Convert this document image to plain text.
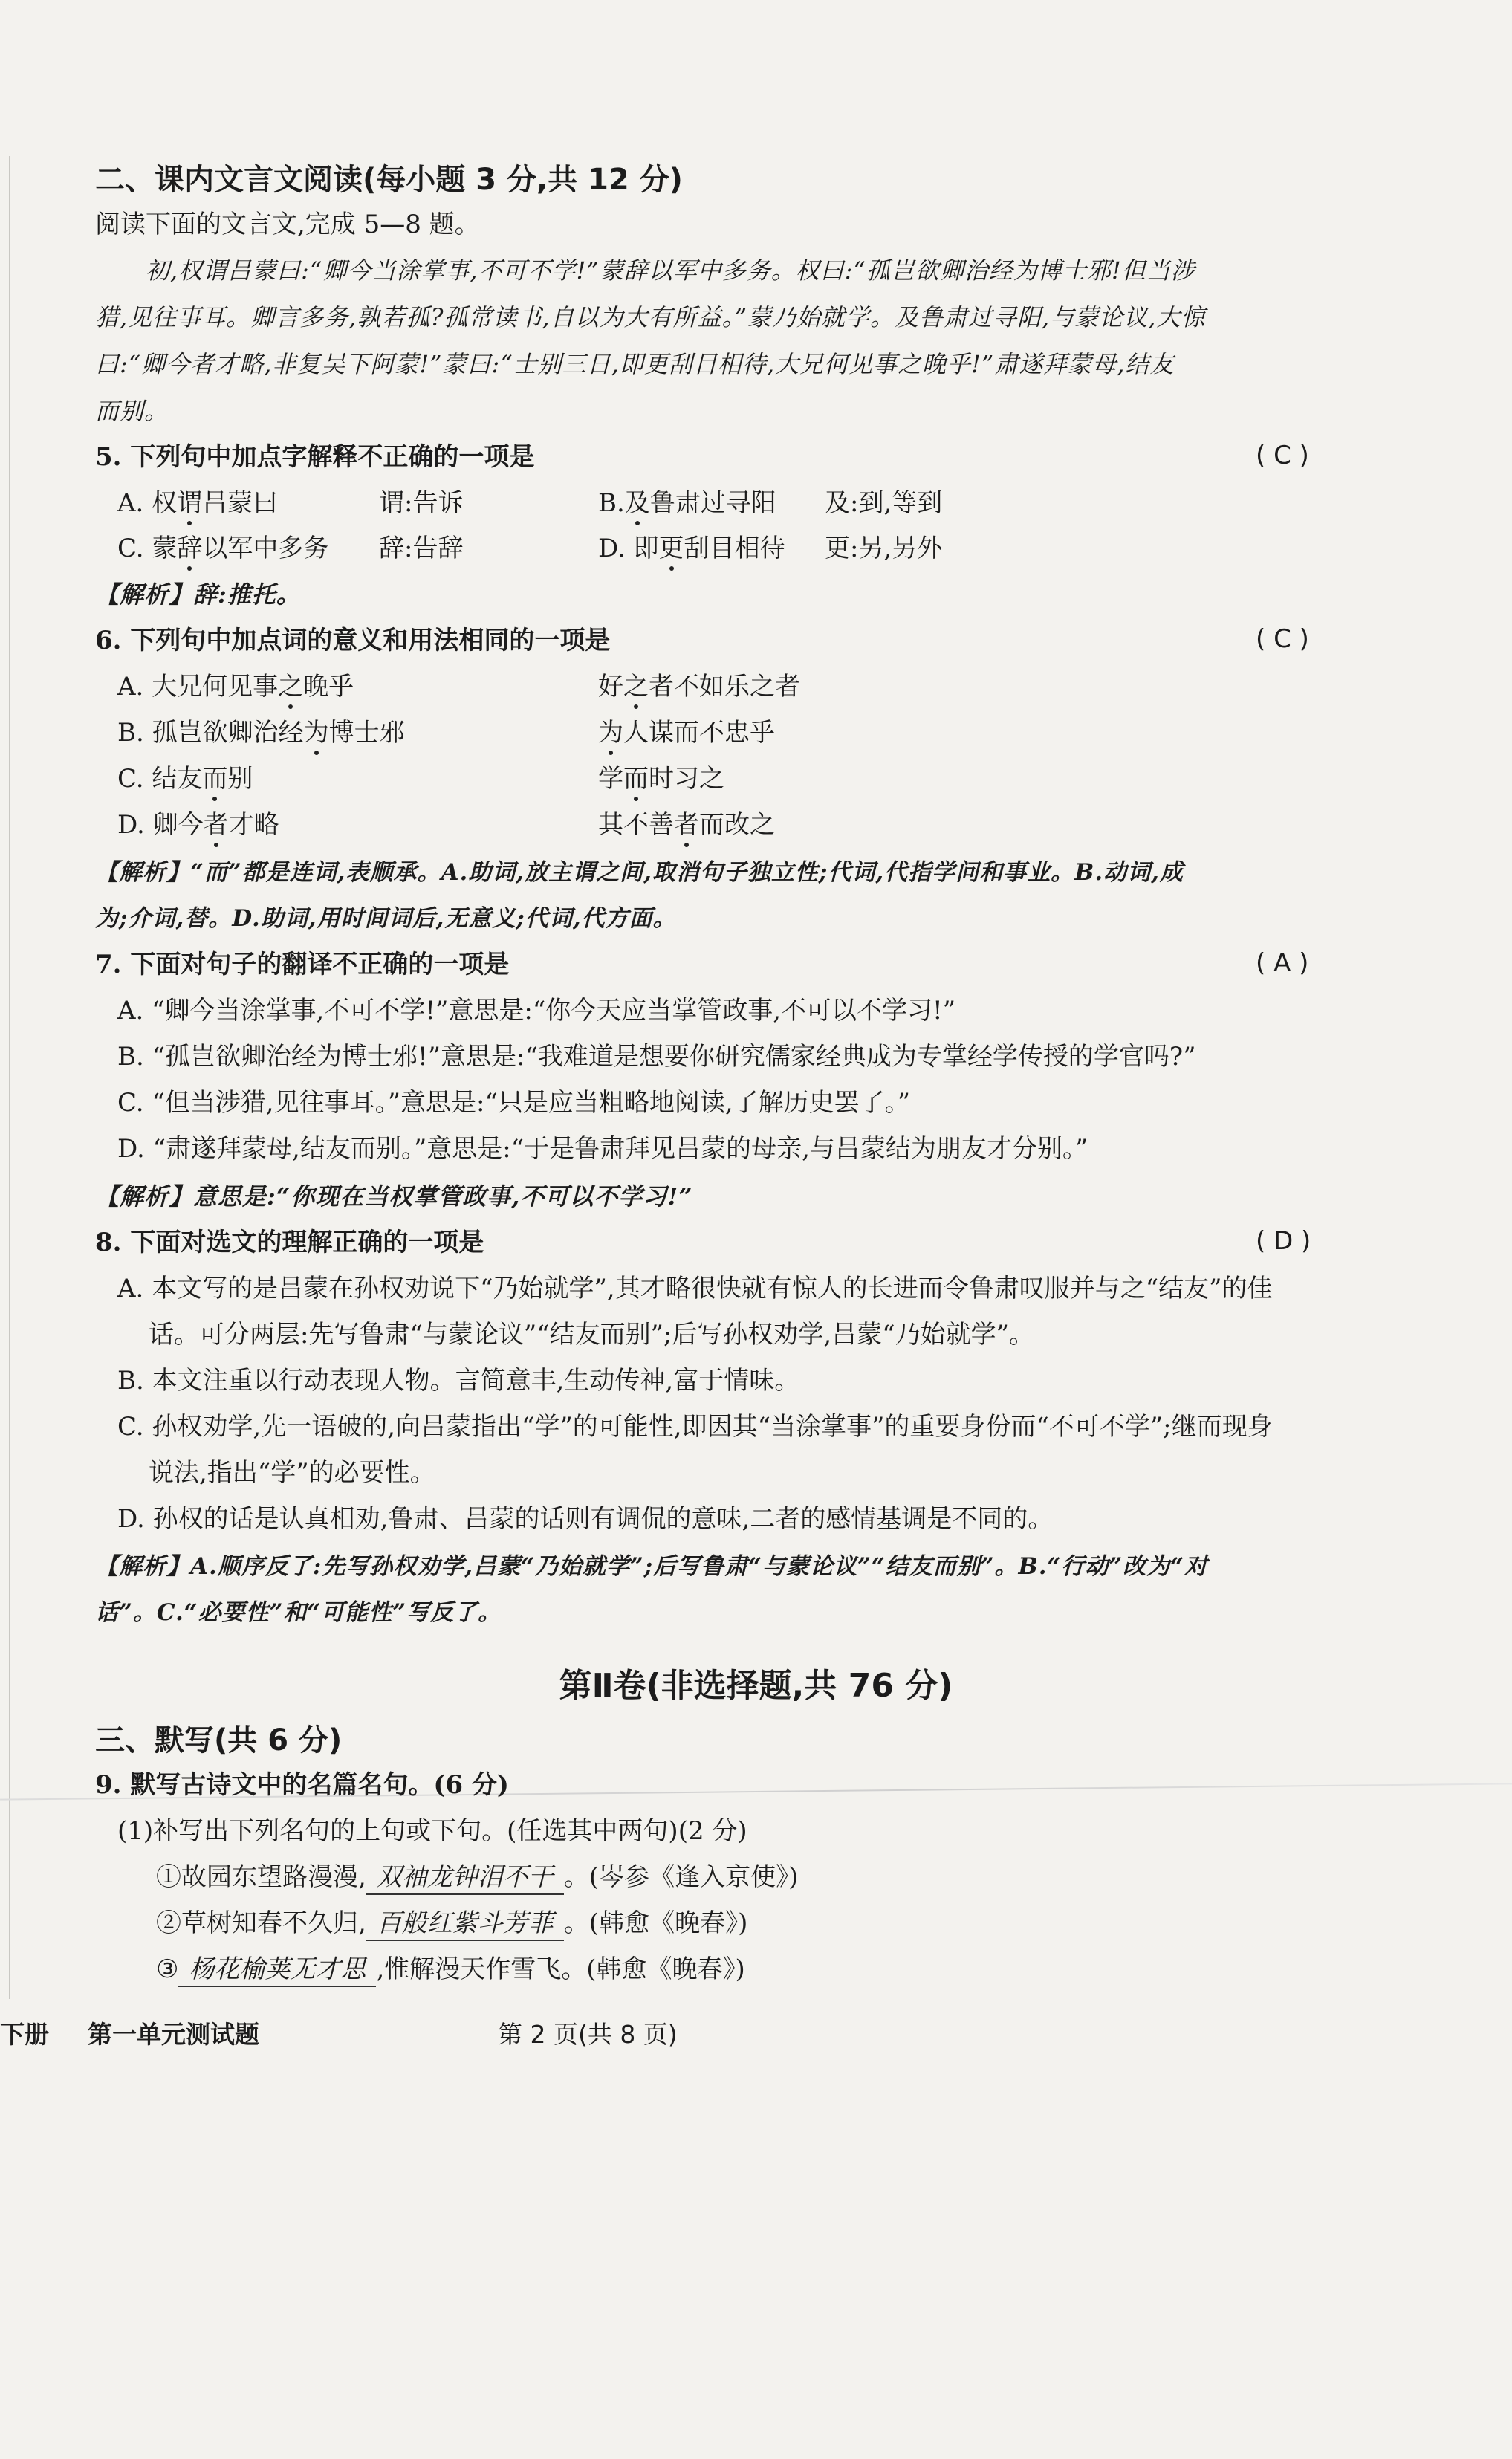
二、课内文言文阅读(每小题 3 分,共 12 分)
阅读下面的文言文,完成 5—8 题。
初,权谓吕蒙曰:“卿今当涂掌事,不可不学!”蒙辞以军中多务。权曰:“孤岂欲卿治经为博士邪!但当涉
猎,见往事耳。卿言多务,孰若孤?孤常读书,自以为大有所益。”蒙乃始就学。及鲁肃过寻阳,与蒙论议,大惊
曰:“卿今者才略,非复吴下阿蒙!”蒙曰:“士别三日,即更刮目相待,大兄何见事之晚乎!”肃遂拜蒙母,结友
而别。
5. 下列句中加点字解释不正确的一项是	( C )
A. 权谓吕蒙曰	谓:告诉	B.及鲁肃过寻阳 及:到,等到
C. 蒙辞以军中多务 辞:告辞	D. 即更刮目相待 更:另,另外
【解析】辞:推托。
6. 下列句中加点词的意义和用法相同的一项是	( C )
A. 大兄何见事之晚乎	好之者不如乐之者
B. 孤岂欲卿治经为博士邪	为人谋而不忠乎
C. 结友而别	学而时习之
D. 卿今者才略	其不善者而改之
【解析】“而”都是连词,表顺承。A.助词,放主谓之间,取消句子独立性;代词,代指学问和事业。B.动词,成
为;介词,替。D.助词,用时间词后,无意义;代词,代方面。
7. 下面对句子的翻译不正确的一项是	( A )
A. “卿今当涂掌事,不可不学!”意思是:“你今天应当掌管政事,不可以不学习!”
B. “孤岂欲卿治经为博士邪!”意思是:“我难道是想要你研究儒家经典成为专掌经学传授的学官吗?”
C. “但当涉猎,见往事耳。”意思是:“只是应当粗略地阅读,了解历史罢了。”
D. “肃遂拜蒙母,结友而别。”意思是:“于是鲁肃拜见吕蒙的母亲,与吕蒙结为朋友才分别。”
【解析】意思是:“你现在当权掌管政事,不可以不学习!”
8. 下面对选文的理解正确的一项是	( D )
A. 本文写的是吕蒙在孙权劝说下“乃始就学”,其才略很快就有惊人的长进而令鲁肃叹服并与之“结友”的佳
话。可分两层:先写鲁肃“与蒙论议”“结友而别”;后写孙权劝学,吕蒙“乃始就学”。
B. 本文注重以行动表现人物。言简意丰,生动传神,富于情味。
C. 孙权劝学,先一语破的,向吕蒙指出“学”的可能性,即因其“当涂掌事”的重要身份而“不可不学”;继而现身
说法,指出“学”的必要性。
D. 孙权的话是认真相劝,鲁肃、吕蒙的话则有调侃的意味,二者的感情基调是不同的。
【解析】A.顺序反了:先写孙权劝学,吕蒙“乃始就学”;后写鲁肃“与蒙论议”“结友而别”。B.“行动”改为“对
话”。C.“必要性”和“可能性”写反了。
第Ⅱ卷(非选择题,共 76 分)
三、默写(共 6 分)
9. 默写古诗文中的名篇名句。(6 分)
(1)补写出下列名句的上句或下句。(任选其中两句)(2 分)
①故园东望路漫漫, 双袖龙钟泪不干 。(岑参《逢入京使》)
②草树知春不久归, 百般红紫斗芳菲 。(韩愈《晚春》)
③ 杨花榆荚无才思 ,惟解漫天作雪飞。(韩愈《晚春》)
下册 第一单元测试题	第 2 页(共 8 页)
